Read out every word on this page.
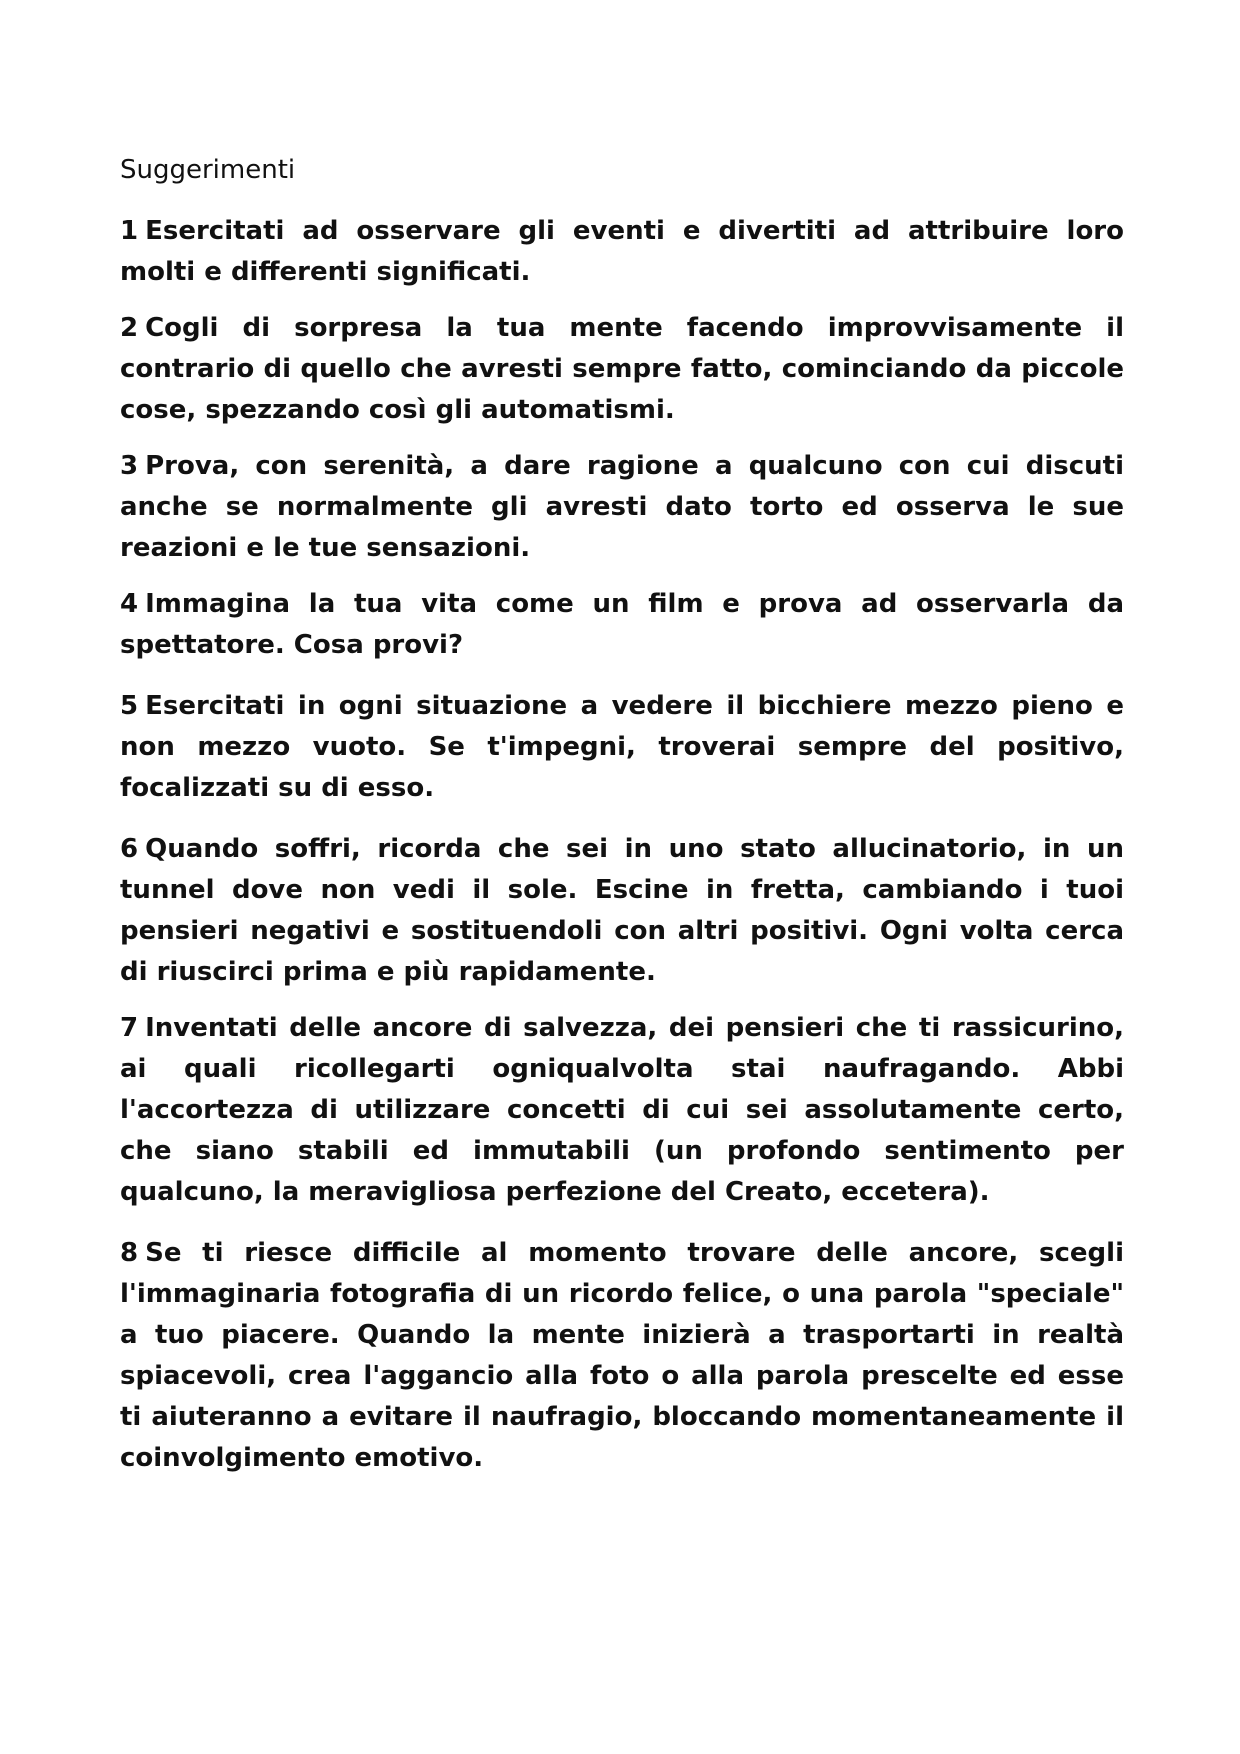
Suggerimenti

1 Esercitati ad osservare gli eventi e divertiti ad attribuire loro molti e differenti significati.

2 Cogli di sorpresa la tua mente facendo improvvisamente il contrario di quello che avresti sempre fatto, cominciando da piccole cose, spezzando così gli automatismi.

3 Prova, con serenità, a dare ragione a qualcuno con cui discuti anche se normalmente gli avresti dato torto ed osserva le sue reazioni e le tue sensazioni.

4 Immagina la tua vita come un film e prova ad osservarla da spettatore. Cosa provi?

5 Esercitati in ogni situazione a vedere il bicchiere mezzo pieno e non mezzo vuoto. Se t'impegni, troverai sempre del positivo, focalizzati su di esso.

6 Quando soffri, ricorda che sei in uno stato allucinatorio, in un tunnel dove non vedi il sole. Escine in fretta, cambiando i tuoi pensieri negativi e sostituendoli con altri positivi. Ogni volta cerca di riuscirci prima e più rapidamente.

7 Inventati delle ancore di salvezza, dei pensieri che ti rassicurino, ai quali ricollegarti ogniqualvolta stai naufragando. Abbi l'accortezza di utilizzare concetti di cui sei assolutamente certo, che siano stabili ed immutabili (un profondo sentimento per qualcuno, la meravigliosa perfezione del Creato, eccetera).

8 Se ti riesce difficile al momento trovare delle ancore, scegli l'immaginaria fotografia di un ricordo felice, o una parola "speciale" a tuo piacere. Quando la mente inizierà a trasportarti in realtà spiacevoli, crea l'aggancio alla foto o alla parola prescelte ed esse ti aiuteranno a evitare il naufragio, bloccando momentaneamente il coinvolgimento emotivo.
